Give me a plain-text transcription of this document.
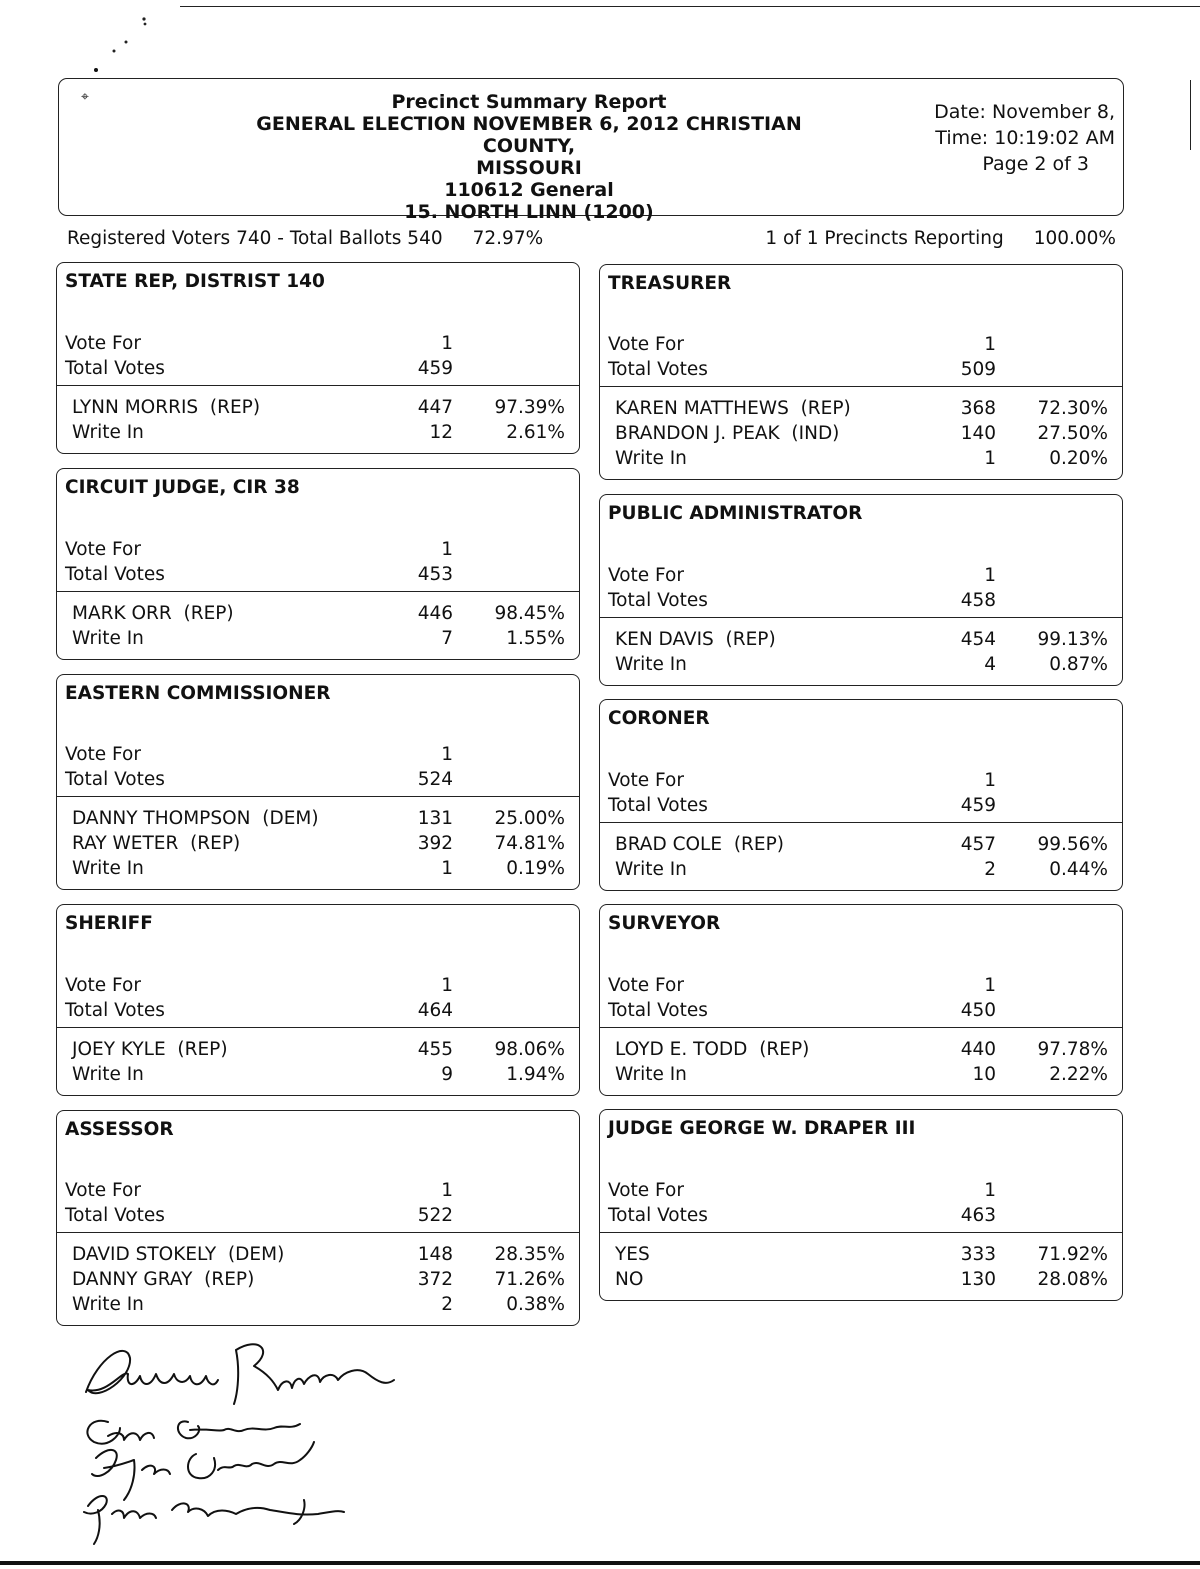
⌖	Precinct Summary Report
GENERAL ELECTION NOVEMBER 6, 2012 CHRISTIAN COUNTY,
MISSOURI
110612 General
15. NORTH LINN (1200)
Date: November 8,
Time: 10:19:02 AM
Page 2 of 3
Registered Voters 740 - Total Ballots 540 72.97%	1 of 1 Precincts Reporting 100.00%
STATE REP, DISTRIST 140
Vote For	1
Total Votes	459
LYNN MORRIS  (REP)	447 97.39%
Write In	12	2.61%
CIRCUIT JUDGE, CIR 38
Vote For	1
Total Votes	453
MARK ORR  (REP)	446 98.45%
Write In	7	1.55%
EASTERN COMMISSIONER
Vote For	1
Total Votes	524
DANNY THOMPSON  (DEM)	131 25.00%
RAY WETER  (REP)	392 74.81%
Write In	1	0.19%
SHERIFF
Vote For	1
Total Votes	464
JOEY KYLE  (REP)	455 98.06%
Write In	9	1.94%
ASSESSOR
Vote For	1
Total Votes	522
DAVID STOKELY  (DEM)	148 28.35%
DANNY GRAY  (REP)	372 71.26%
Write In	2	0.38%
TREASURER
Vote For	1
Total Votes	509
KAREN MATTHEWS  (REP)	368 72.30%
BRANDON J. PEAK  (IND)	140 27.50%
Write In	1	0.20%
PUBLIC ADMINISTRATOR
Vote For	1
Total Votes	458
KEN DAVIS  (REP)	454 99.13%
Write In	4	0.87%
CORONER
Vote For	1
Total Votes	459
BRAD COLE  (REP)	457 99.56%
Write In	2	0.44%
SURVEYOR
Vote For	1
Total Votes	450
LOYD E. TODD  (REP)	440 97.78%
Write In	10	2.22%
JUDGE GEORGE W. DRAPER III
Vote For	1
Total Votes	463
YES	333 71.92%
NO	130 28.08%
